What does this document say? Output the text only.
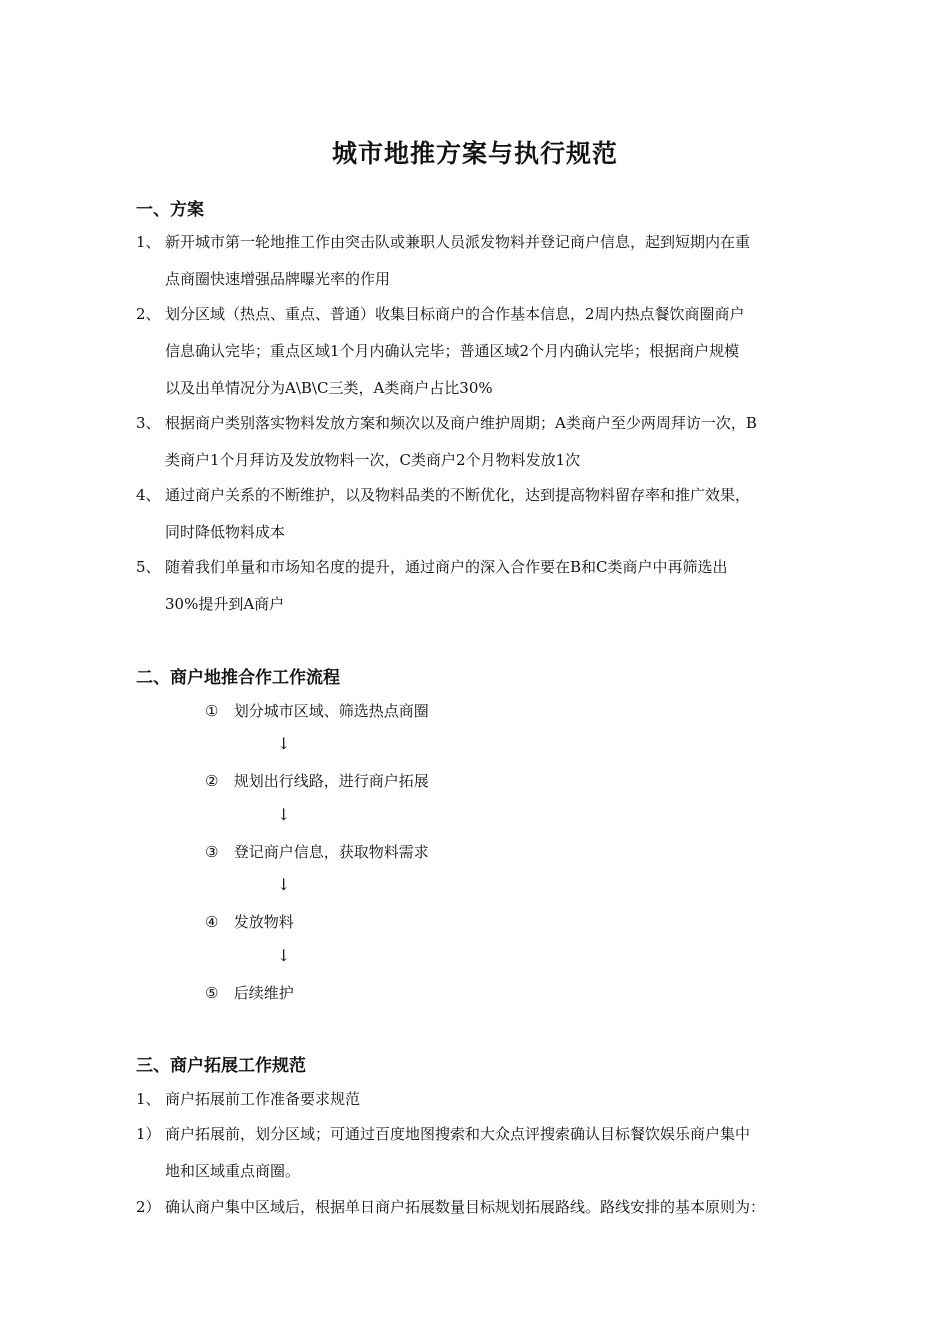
城市地推方案与执行规范
一、方案
1、 新开城市第一轮地推工作由突击队或兼职人员派发物料并登记商户信息，起到短期内在重
点商圈快速增强品牌曝光率的作用
2、 划分区域（热点、重点、普通）收集目标商户的合作基本信息，2周内热点餐饮商圈商户
信息确认完毕；重点区域1个月内确认完毕；普通区域2个月内确认完毕；根据商户规模
以及出单情况分为A\B\C三类，A类商户占比30%
3、 根据商户类别落实物料发放方案和频次以及商户维护周期；A类商户至少两周拜访一次，B
类商户1个月拜访及发放物料一次，C类商户2个月物料发放1次
4、 通过商户关系的不断维护，以及物料品类的不断优化，达到提高物料留存率和推广效果，
同时降低物料成本
5、 随着我们单量和市场知名度的提升，通过商户的深入合作要在B和C类商户中再筛选出
30%提升到A商户
二、商户地推合作工作流程
① 划分城市区域、筛选热点商圈
↓
② 规划出行线路，进行商户拓展
↓
③ 登记商户信息，获取物料需求
↓
④ 发放物料
↓
⑤ 后续维护
三、商户拓展工作规范
1、 商户拓展前工作准备要求规范
1） 商户拓展前，划分区域；可通过百度地图搜索和大众点评搜索确认目标餐饮娱乐商户集中
地和区域重点商圈。
2） 确认商户集中区域后，根据单日商户拓展数量目标规划拓展路线。路线安排的基本原则为：
